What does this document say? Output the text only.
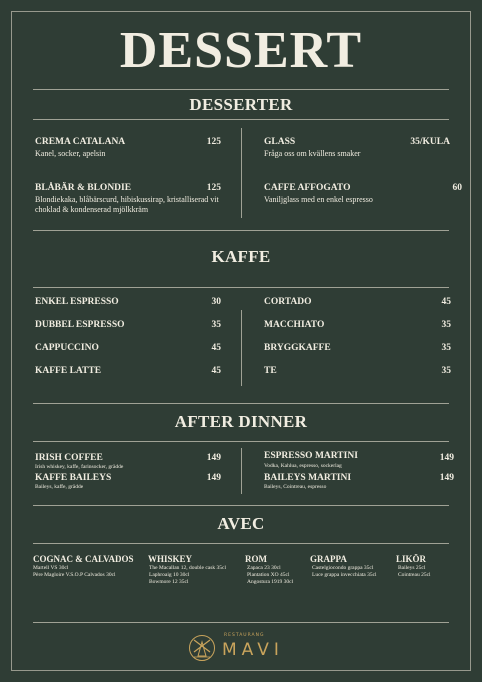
DESSERT
DESSERTER
CREMA CATALANA	125
Kanel, socker, apelsin
GLASS	35/KULA
Fråga oss om kvällens smaker
BLÅBÄR & BLONDIE	125
Blondiekaka, blåbärscurd, hibiskussirap, kristalliserad vit choklad & kondenserad mjölkkräm
CAFFE AFFOGATO	60
Vaniljglass med en enkel espresso
KAFFE
ENKEL ESPRESSO	30
DUBBEL ESPRESSO	35
CAPPUCCINO	45
KAFFE LATTE	45
CORTADO	45
MACCHIATO	35
BRYGGKAFFE	35
TE	35
AFTER DINNER
IRISH COFFEE	149
Irish whiskey, kaffe, farinsocker, grädde
ESPRESSO MARTINI	149
Vodka, Kahlua, espresso, sockerlag
KAFFE BAILEYS	149
Baileys, kaffe, grädde
BAILEYS MARTINI	149
Baileys, Cointreau, espresso
AVEC
COGNAC & CALVADOS
Martell VS 30cl
Père Magloire V.S.O.P Calvados 30cl
WHISKEY
The Macallan 12, double cask 35cl
Laphroaig 10 30cl
Bowmore 12 35cl
ROM
Zapaca 23 30cl
Plantation XO 45cl
Angostura 1919 30cl
GRAPPA
Castelgiocondo grappa 35cl
Luce grappa invecchiata 35cl
LIKÖR
Baileys 25cl
Cointreau 25cl
RESTAURANG
MAVI
